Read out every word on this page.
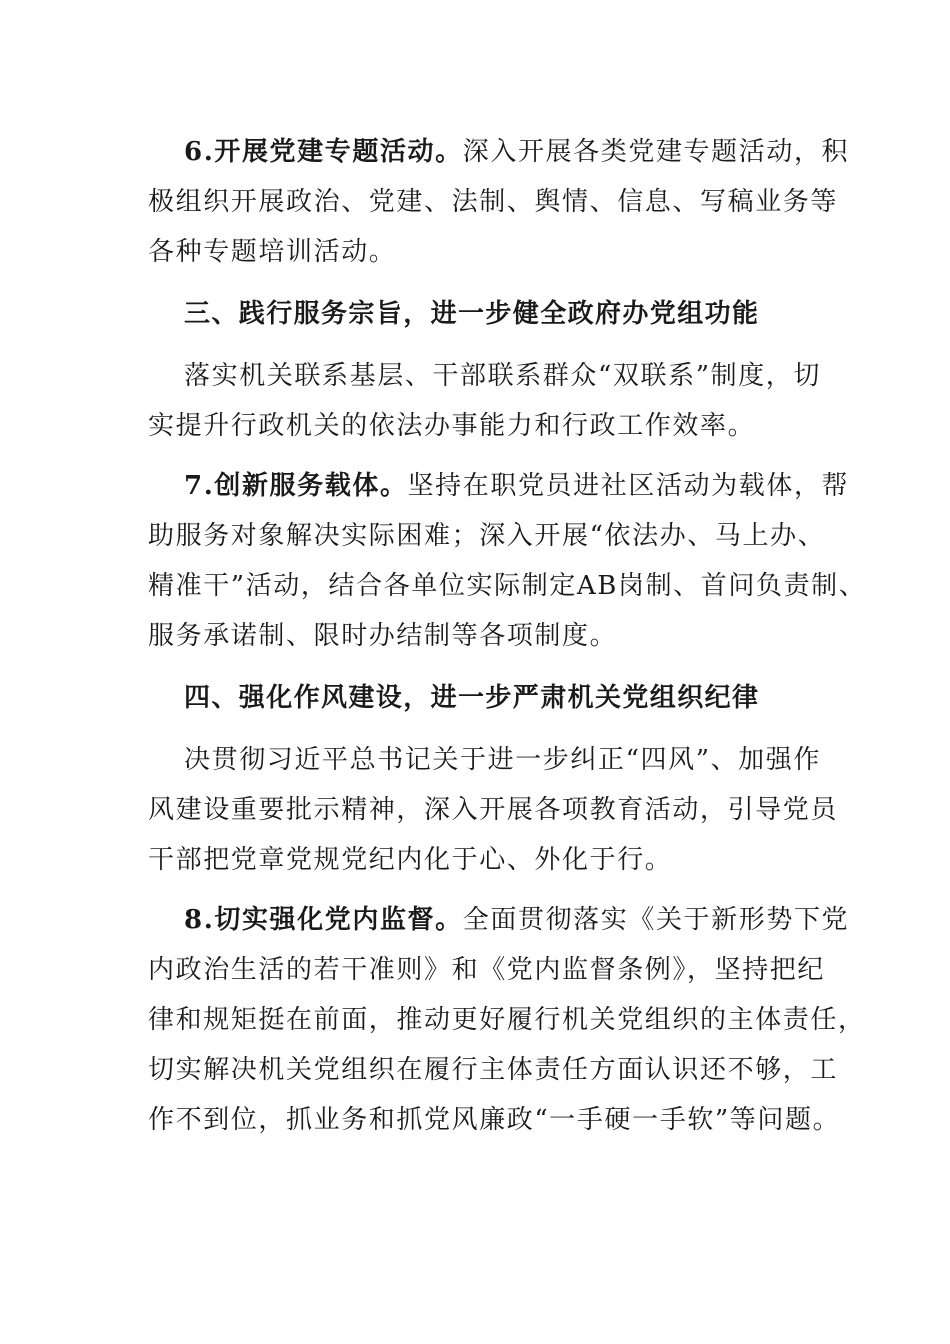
6.开展党建专题活动。深入开展各类党建专题活动，积
极组织开展政治、党建、法制、舆情、信息、写稿业务等
各种专题培训活动。
三、践行服务宗旨，进一步健全政府办党组功能
落实机关联系基层、干部联系群众“双联系”制度，切
实提升行政机关的依法办事能力和行政工作效率。
7.创新服务载体。坚持在职党员进社区活动为载体，帮
助服务对象解决实际困难；深入开展“依法办、马上办、
精准干”活动，结合各单位实际制定AB岗制、首问负责制、
服务承诺制、限时办结制等各项制度。
四、强化作风建设，进一步严肃机关党组织纪律
决贯彻习近平总书记关于进一步纠正“四风”、加强作
风建设重要批示精神，深入开展各项教育活动，引导党员
干部把党章党规党纪内化于心、外化于行。
8.切实强化党内监督。全面贯彻落实《关于新形势下党
内政治生活的若干准则》和《党内监督条例》，坚持把纪
律和规矩挺在前面，推动更好履行机关党组织的主体责任，
切实解决机关党组织在履行主体责任方面认识还不够，工
作不到位，抓业务和抓党风廉政“一手硬一手软”等问题。
